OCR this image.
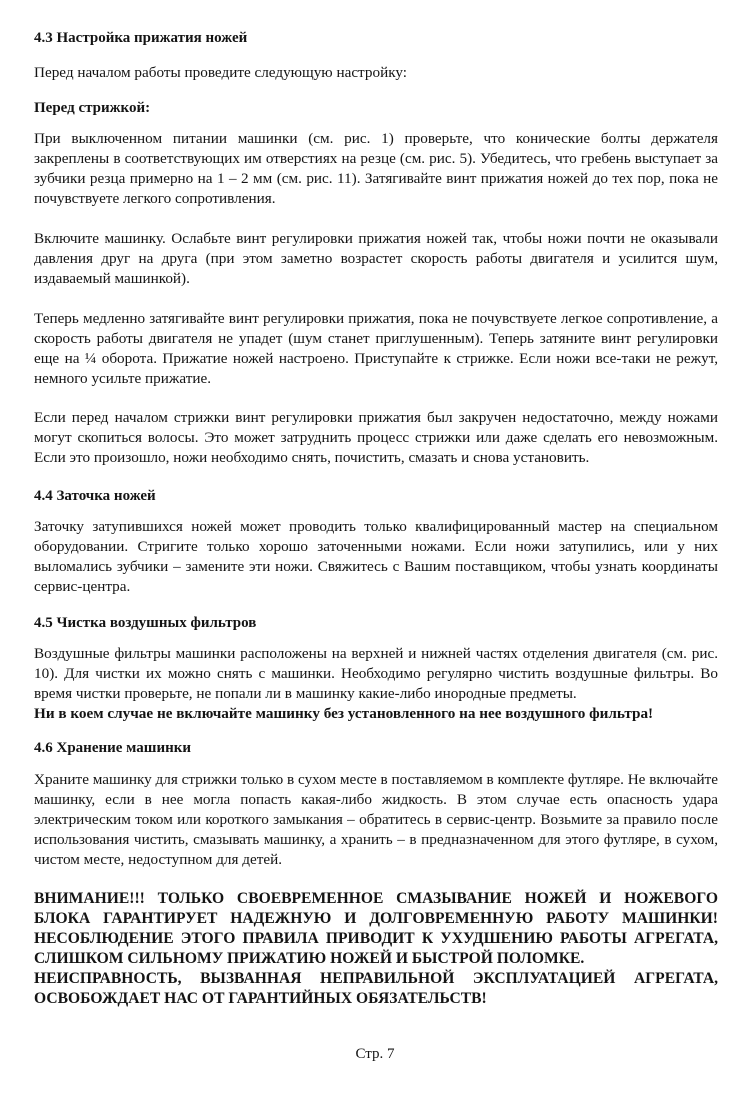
4.3 Настройка прижатия ножей

Перед началом работы проведите следующую настройку:

Перед стрижкой:

При выключенном питании машинки (см. рис. 1) проверьте, что конические болты держателя закреплены в соответствующих им отверстиях на резце (см. рис. 5). Убедитесь, что гребень выступает за зубчики резца примерно на 1 – 2 мм (см. рис. 11). Затягивайте винт прижатия ножей до тех пор, пока не почувствуете легкого сопротивления.

Включите машинку. Ослабьте винт регулировки прижатия ножей так, чтобы ножи почти не оказывали давления друг на друга (при этом заметно возрастет скорость работы двигателя и усилится шум, издаваемый машинкой).

Теперь медленно затягивайте винт регулировки прижатия, пока не почувствуете легкое сопротивление, а скорость работы двигателя не упадет (шум станет приглушенным). Теперь затяните винт регулировки еще на ¼ оборота. Прижатие ножей настроено. Приступайте к стрижке. Если ножи все-таки не режут, немного усильте прижатие.

Если перед началом стрижки винт регулировки прижатия был закручен недостаточно, между ножами могут скопиться волосы. Это может затруднить процесс стрижки или даже сделать его невозможным. Если это произошло, ножи необходимо снять, почистить, смазать и снова установить.

4.4 Заточка ножей

Заточку затупившихся ножей может проводить только квалифицированный мастер на специальном оборудовании. Стригите только хорошо заточенными ножами. Если ножи затупились, или у них выломались зубчики – замените эти ножи. Свяжитесь с Вашим поставщиком, чтобы узнать координаты сервис-центра.

4.5 Чистка воздушных фильтров

Воздушные фильтры машинки расположены на верхней и нижней частях отделения двигателя (см. рис. 10). Для чистки их можно снять с машинки. Необходимо регулярно чистить воздушные фильтры. Во время чистки проверьте, не попали ли в машинку какие-либо инородные предметы.

Ни в коем случае не включайте машинку без установленного на нее воздушного фильтра!

4.6 Хранение машинки

Храните машинку для стрижки только в сухом месте в поставляемом в комплекте футляре. Не включайте машинку, если в нее могла попасть какая-либо жидкость. В этом случае есть опасность удара электрическим током или короткого замыкания – обратитесь в сервис-центр. Возьмите за правило после использования чистить, смазывать машинку, а хранить – в предназначенном для этого футляре, в сухом, чистом месте, недоступном для детей.

ВНИМАНИЕ!!! ТОЛЬКО СВОЕВРЕМЕННОЕ СМАЗЫВАНИЕ НОЖЕЙ И НОЖЕВОГО БЛОКА ГАРАНТИРУЕТ НАДЕЖНУЮ И ДОЛГОВРЕМЕННУЮ РАБОТУ МАШИНКИ! НЕСОБЛЮДЕНИЕ ЭТОГО ПРАВИЛА ПРИВОДИТ К УХУДШЕНИЮ РАБОТЫ АГРЕГАТА, СЛИШКОМ СИЛЬНОМУ ПРИЖАТИЮ НОЖЕЙ И БЫСТРОЙ ПОЛОМКЕ.

НЕИСПРАВНОСТЬ, ВЫЗВАННАЯ НЕПРАВИЛЬНОЙ ЭКСПЛУАТАЦИЕЙ АГРЕГАТА, ОСВОБОЖДАЕТ НАС ОТ ГАРАНТИЙНЫХ ОБЯЗАТЕЛЬСТВ!

Стр. 7
